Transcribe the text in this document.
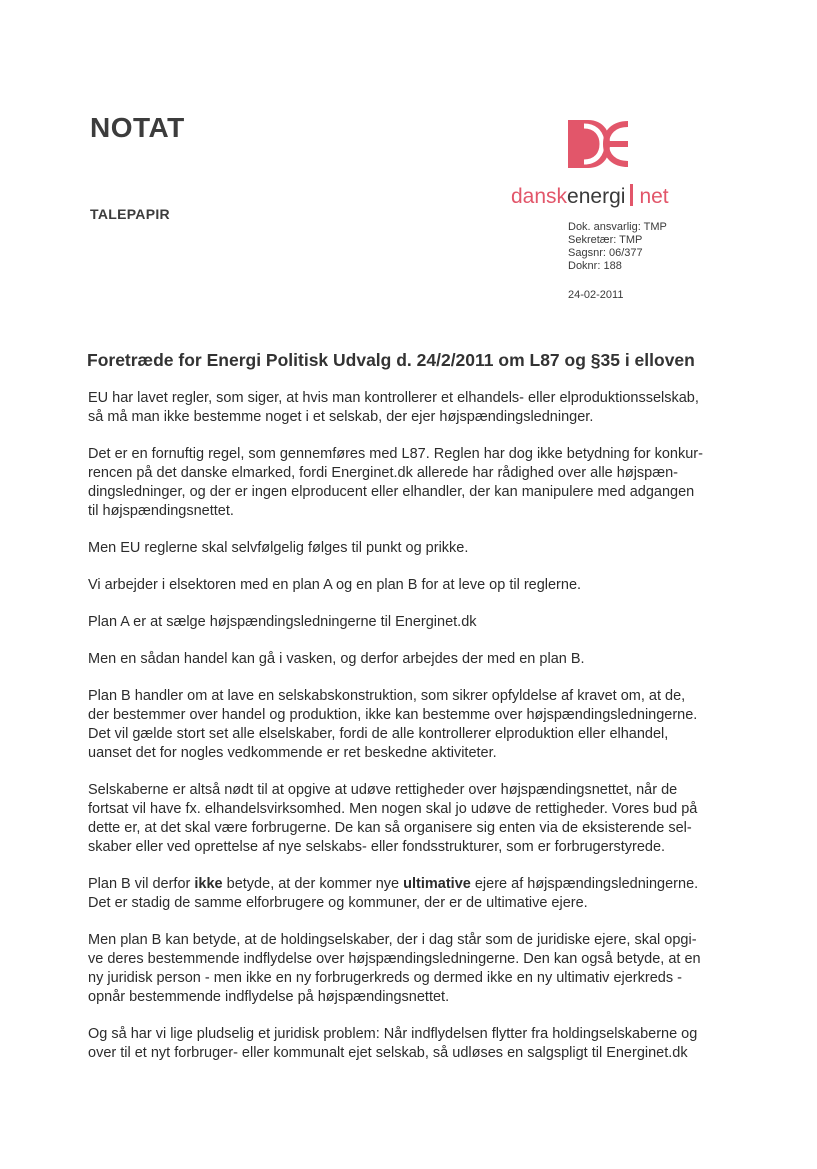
NOTAT
TALEPAPIR
danskenergi net
Dok. ansvarlig: TMP
Sekretær: TMP
Sagsnr: 06/377
Doknr: 188
24-02-2011
Foretræde for Energi Politisk Udvalg d. 24/2/2011 om L87 og §35 i elloven

EU har lavet regler, som siger, at hvis man kontrollerer et elhandels- eller elproduktionsselskab,
så må man ikke bestemme noget i et selskab, der ejer højspændingsledninger.

Det er en fornuftig regel, som gennemføres med L87. Reglen har dog ikke betydning for konkur-
rencen på det danske elmarked, fordi Energinet.dk allerede har rådighed over alle højspæn-
dingsledninger, og der er ingen elproducent eller elhandler, der kan manipulere med adgangen
til højspændingsnettet.

Men EU reglerne skal selvfølgelig følges til punkt og prikke.

Vi arbejder i elsektoren med en plan A og en plan B for at leve op til reglerne.

Plan A er at sælge højspændingsledningerne til Energinet.dk

Men en sådan handel kan gå i vasken, og derfor arbejdes der med en plan B.

Plan B handler om at lave en selskabskonstruktion, som sikrer opfyldelse af kravet om, at de,
der bestemmer over handel og produktion, ikke kan bestemme over højspændingsledningerne.
Det vil gælde stort set alle elselskaber, fordi de alle kontrollerer elproduktion eller elhandel,
uanset det for nogles vedkommende er ret beskedne aktiviteter.

Selskaberne er altså nødt til at opgive at udøve rettigheder over højspændingsnettet, når de
fortsat vil have fx. elhandelsvirksomhed. Men nogen skal jo udøve de rettigheder. Vores bud på
dette er, at det skal være forbrugerne. De kan så organisere sig enten via de eksisterende sel-
skaber eller ved oprettelse af nye selskabs- eller fondsstrukturer, som er forbrugerstyrede.

Plan B vil derfor ikke betyde, at der kommer nye ultimative ejere af højspændingsledningerne.
Det er stadig de samme elforbrugere og kommuner, der er de ultimative ejere.

Men plan B kan betyde, at de holdingselskaber, der i dag står som de juridiske ejere, skal opgi-
ve deres bestemmende indflydelse over højspændingsledningerne. Den kan også betyde, at en
ny juridisk person - men ikke en ny forbrugerkreds og dermed ikke en ny ultimativ ejerkreds -
opnår bestemmende indflydelse på højspændingsnettet.

Og så har vi lige pludselig et juridisk problem: Når indflydelsen flytter fra holdingselskaberne og
over til et nyt forbruger- eller kommunalt ejet selskab, så udløses en salgspligt til Energinet.dk
